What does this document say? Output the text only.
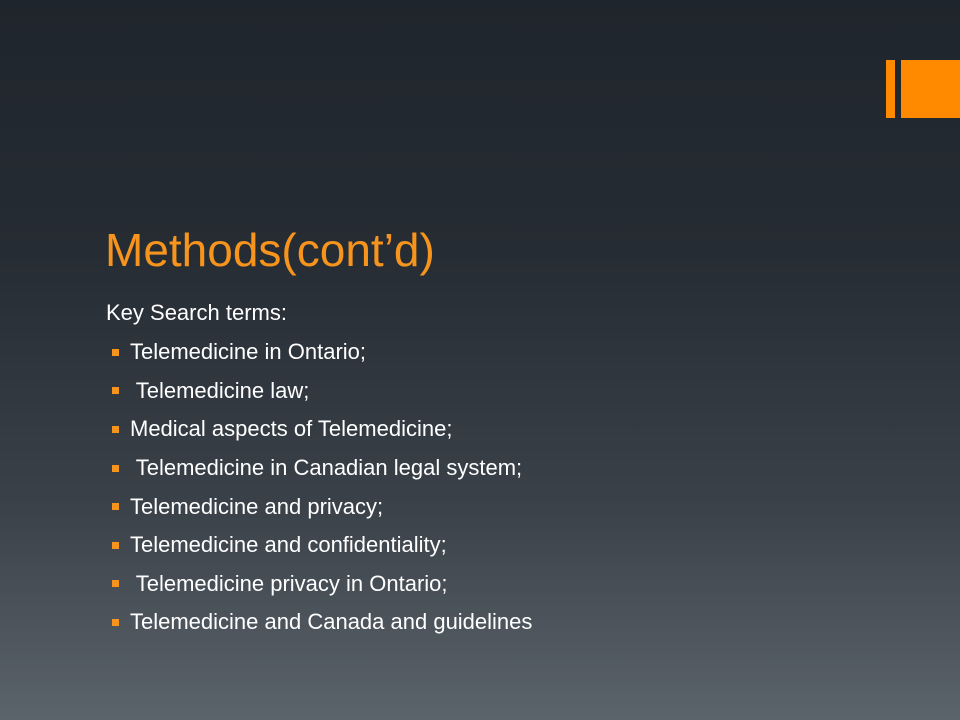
Methods(cont’d)
Key Search terms:
Telemedicine in Ontario;
Telemedicine law;
Medical aspects of Telemedicine;
Telemedicine in Canadian legal system;
Telemedicine and privacy;
Telemedicine and confidentiality;
Telemedicine privacy in Ontario;
Telemedicine and Canada and guidelines
